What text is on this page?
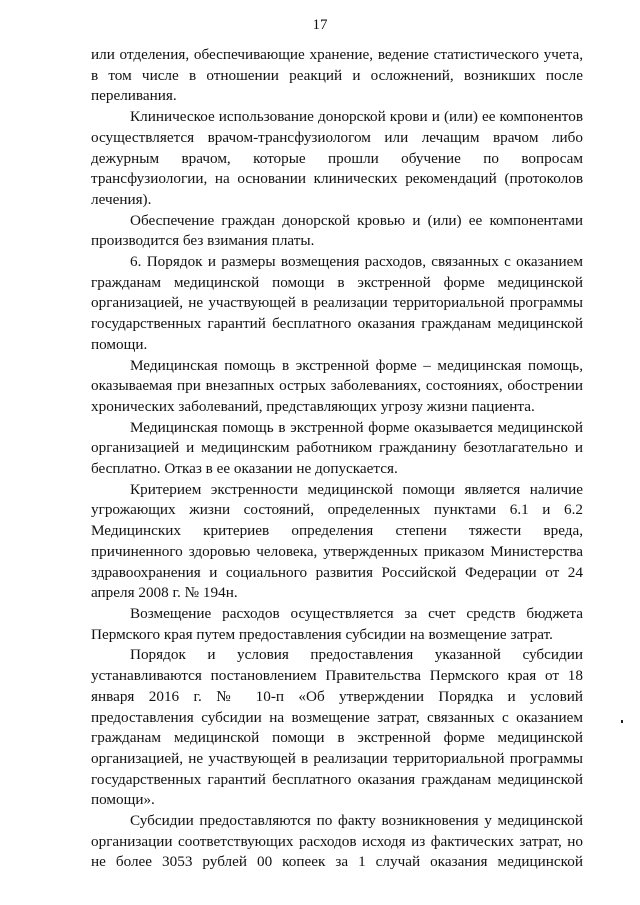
17

или отделения, обеспечивающие хранение, ведение статистического учета, в том числе в отношении реакций и осложнений, возникших после переливания.

Клиническое использование донорской крови и (или) ее компонентов осуществляется врачом-трансфузиологом или лечащим врачом либо дежурным врачом, которые прошли обучение по вопросам трансфузиологии, на основании клинических рекомендаций (протоколов лечения).

Обеспечение граждан донорской кровью и (или) ее компонентами производится без взимания платы.

6. Порядок и размеры возмещения расходов, связанных с оказанием гражданам медицинской помощи в экстренной форме медицинской организацией, не участвующей в реализации территориальной программы государственных гарантий бесплатного оказания гражданам медицинской помощи.

Медицинская помощь в экстренной форме – медицинская помощь, оказываемая при внезапных острых заболеваниях, состояниях, обострении хронических заболеваний, представляющих угрозу жизни пациента.

Медицинская помощь в экстренной форме оказывается медицинской организацией и медицинским работником гражданину безотлагательно и бесплатно. Отказ в ее оказании не допускается.

Критерием экстренности медицинской помощи является наличие угрожающих жизни состояний, определенных пунктами 6.1 и 6.2 Медицинских критериев определения степени тяжести вреда, причиненного здоровью человека, утвержденных приказом Министерства здравоохранения и социального развития Российской Федерации от 24 апреля 2008 г. № 194н.

Возмещение расходов осуществляется за счет средств бюджета Пермского края путем предоставления субсидии на возмещение затрат.

Порядок и условия предоставления указанной субсидии устанавливаются постановлением Правительства Пермского края от 18 января 2016 г. № 10-п «Об утверждении Порядка и условий предоставления субсидии на возмещение затрат, связанных с оказанием гражданам медицинской помощи в экстренной форме медицинской организацией, не участвующей в реализации территориальной программы государственных гарантий бесплатного оказания гражданам медицинской помощи».

Субсидии предоставляются по факту возникновения у медицинской организации соответствующих расходов исходя из фактических затрат, но не более 3053 рублей 00 копеек за 1 случай оказания медицинской
